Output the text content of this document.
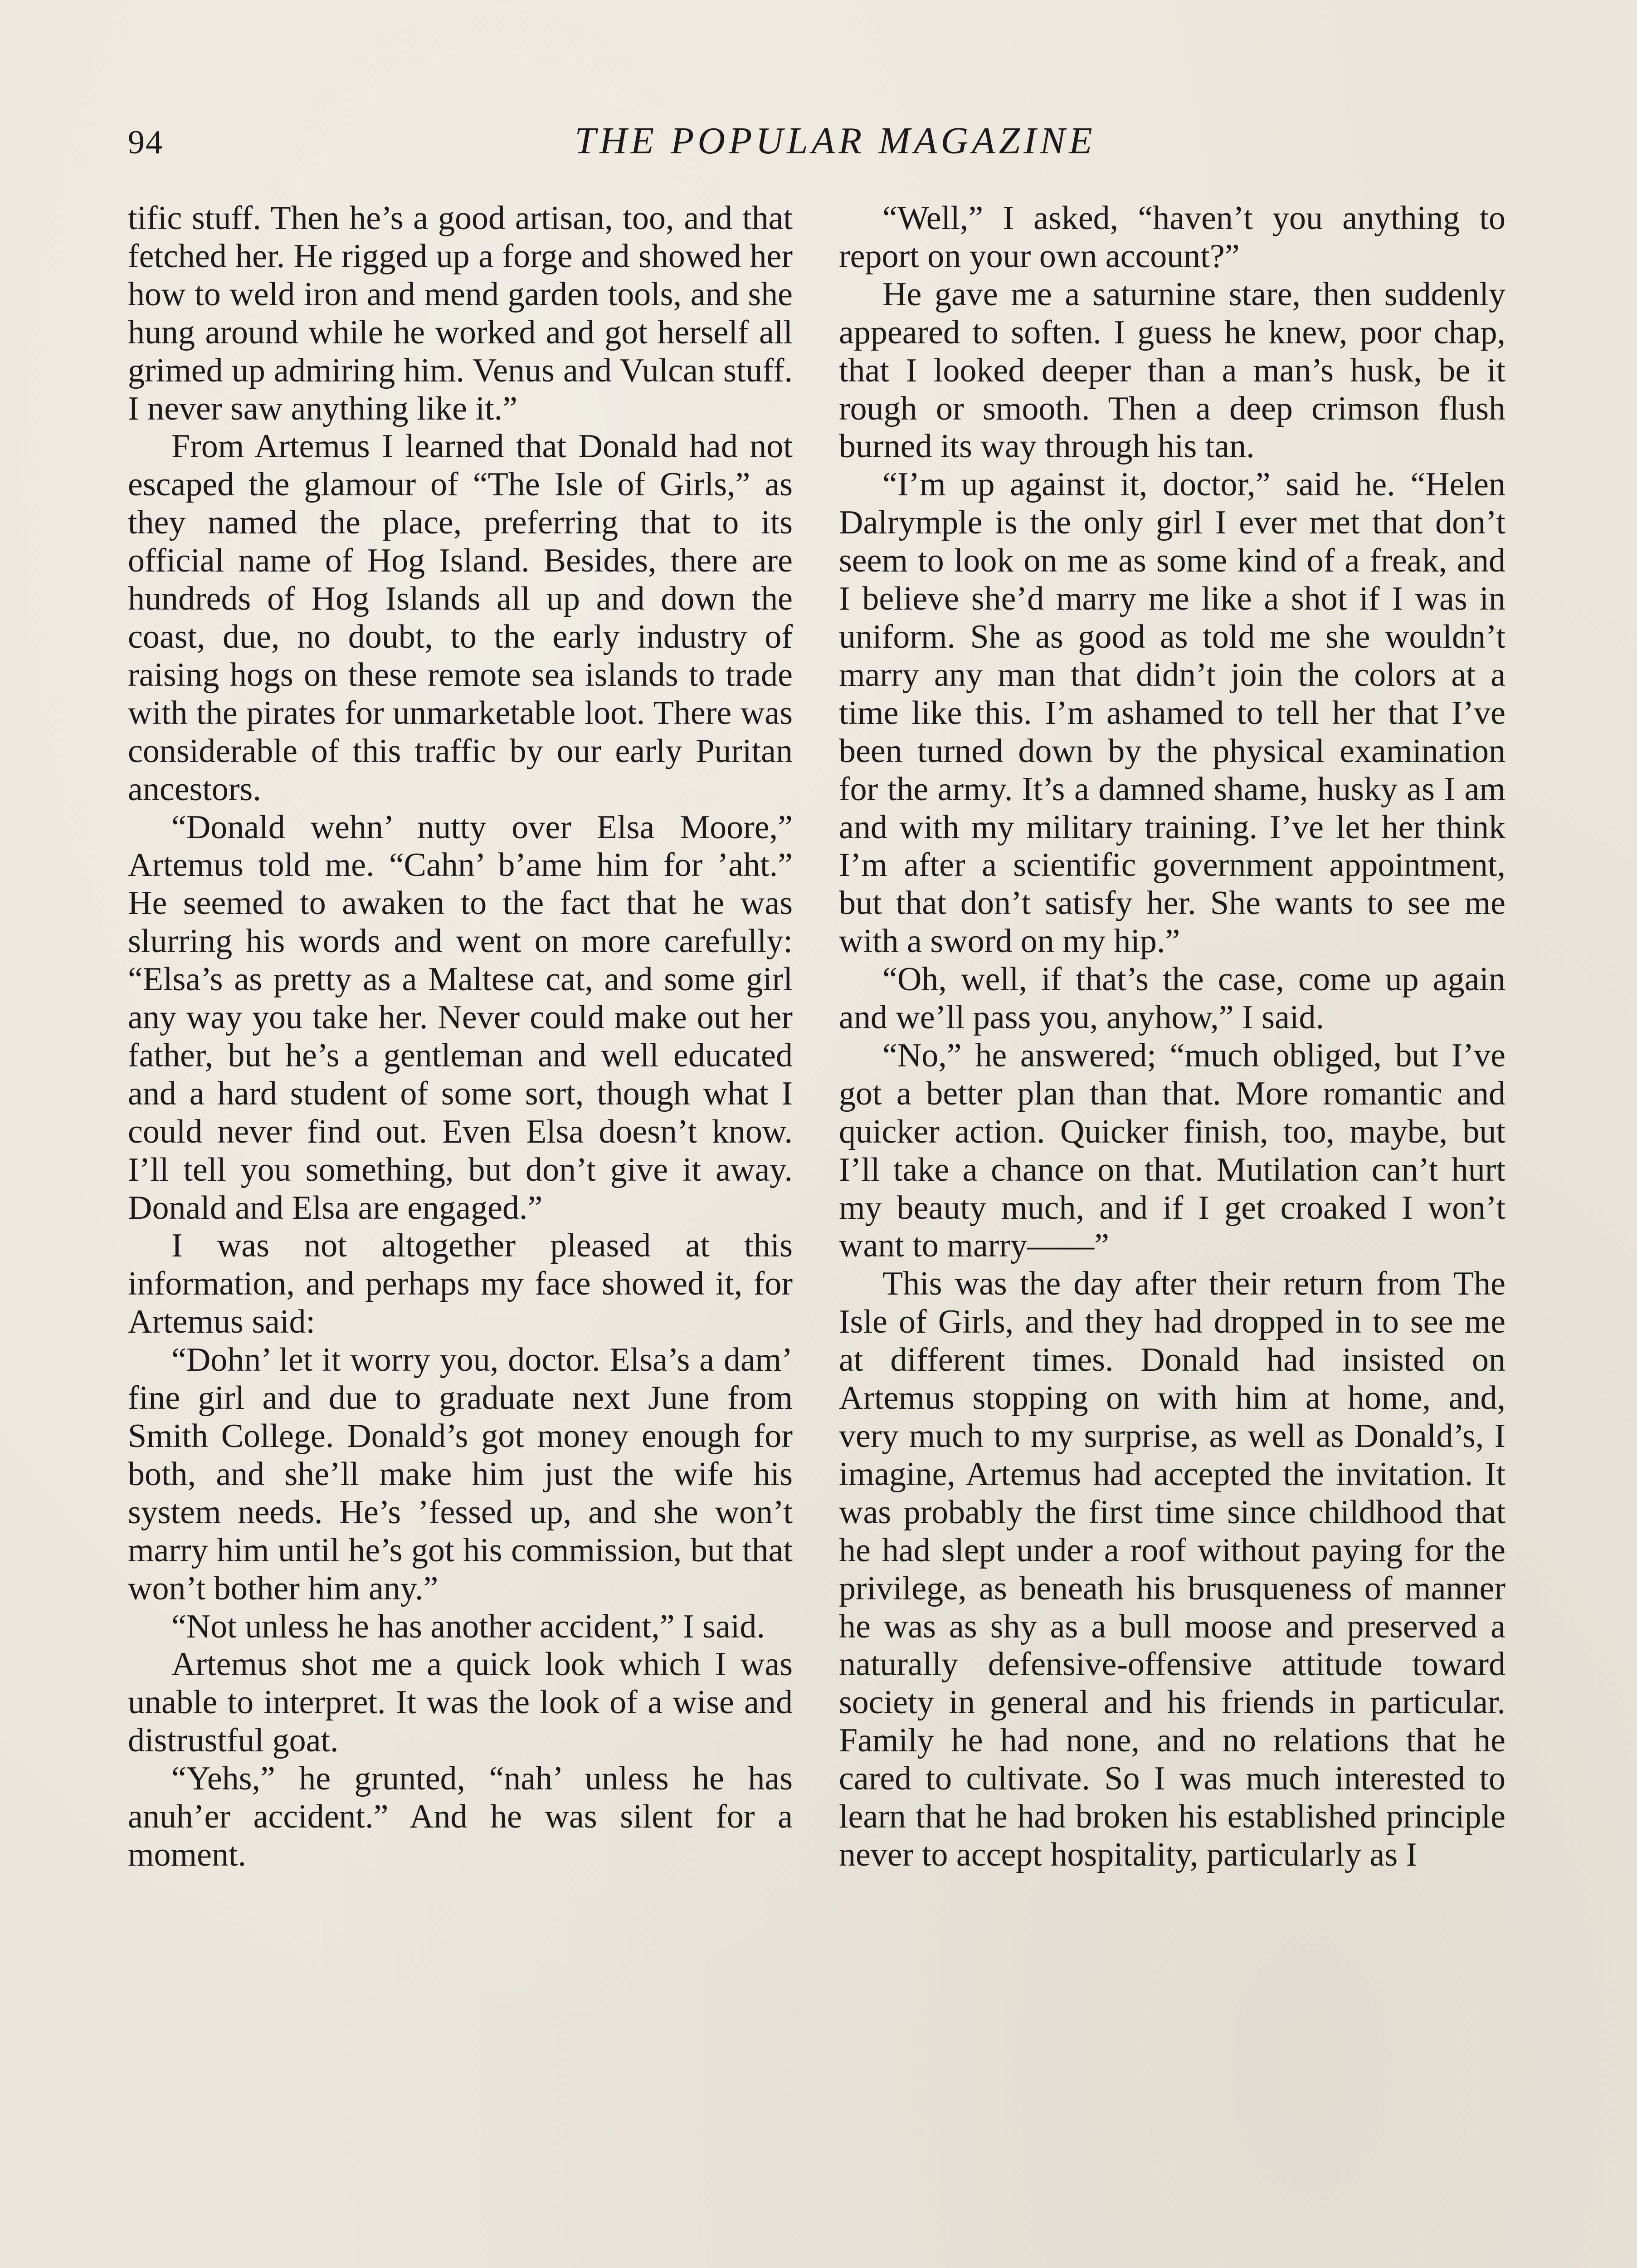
94	THE POPULAR MAGAZINE

tific stuff. Then he’s a good artisan, too, and that fetched her. He rigged up a forge and showed her how to weld iron and mend garden tools, and she hung around while he worked and got herself all grimed up admiring him. Venus and Vulcan stuff. I never saw anything like it.”

From Artemus I learned that Donald had not escaped the glamour of “The Isle of Girls,” as they named the place, preferring that to its official name of Hog Island. Besides, there are hundreds of Hog Islands all up and down the coast, due, no doubt, to the early industry of raising hogs on these remote sea islands to trade with the pirates for unmarketable loot. There was considerable of this traffic by our early Puritan ancestors.

“Donald wehn’ nutty over Elsa Moore,” Artemus told me. “Cahn’ b’ame him for ’aht.” He seemed to awaken to the fact that he was slurring his words and went on more carefully: “Elsa’s as pretty as a Maltese cat, and some girl any way you take her. Never could make out her father, but he’s a gentleman and well educated and a hard student of some sort, though what I could never find out. Even Elsa doesn’t know. I’ll tell you something, but don’t give it away. Donald and Elsa are engaged.”

I was not altogether pleased at this information, and perhaps my face showed it, for Artemus said:

“Dohn’ let it worry you, doctor. Elsa’s a dam’ fine girl and due to graduate next June from Smith College. Donald’s got money enough for both, and she’ll make him just the wife his system needs. He’s ’fessed up, and she won’t marry him until he’s got his commission, but that won’t bother him any.”

“Not unless he has another accident,” I said.

Artemus shot me a quick look which I was unable to interpret. It was the look of a wise and distrustful goat.

“Yehs,” he grunted, “nah’ unless he has anuh’er accident.” And he was silent for a moment.

“Well,” I asked, “haven’t you anything to report on your own account?”

He gave me a saturnine stare, then suddenly appeared to soften. I guess he knew, poor chap, that I looked deeper than a man’s husk, be it rough or smooth. Then a deep crimson flush burned its way through his tan.

“I’m up against it, doctor,” said he. “Helen Dalrymple is the only girl I ever met that don’t seem to look on me as some kind of a freak, and I believe she’d marry me like a shot if I was in uniform. She as good as told me she wouldn’t marry any man that didn’t join the colors at a time like this. I’m ashamed to tell her that I’ve been turned down by the physical examination for the army. It’s a damned shame, husky as I am and with my military training. I’ve let her think I’m after a scientific government appointment, but that don’t satisfy her. She wants to see me with a sword on my hip.”

“Oh, well, if that’s the case, come up again and we’ll pass you, anyhow,” I said.

“No,” he answered; “much obliged, but I’ve got a better plan than that. More romantic and quicker action. Quicker finish, too, maybe, but I’ll take a chance on that. Mutilation can’t hurt my beauty much, and if I get croaked I won’t want to marry——”

This was the day after their return from The Isle of Girls, and they had dropped in to see me at different times. Donald had insisted on Artemus stopping on with him at home, and, very much to my surprise, as well as Donald’s, I imagine, Artemus had accepted the invitation. It was probably the first time since childhood that he had slept under a roof without paying for the privilege, as beneath his brusqueness of manner he was as shy as a bull moose and preserved a naturally defensive-offensive attitude toward society in general and his friends in particular. Family he had none, and no relations that he cared to cultivate. So I was much interested to learn that he had broken his established principle never to accept hospitality, particularly as I
